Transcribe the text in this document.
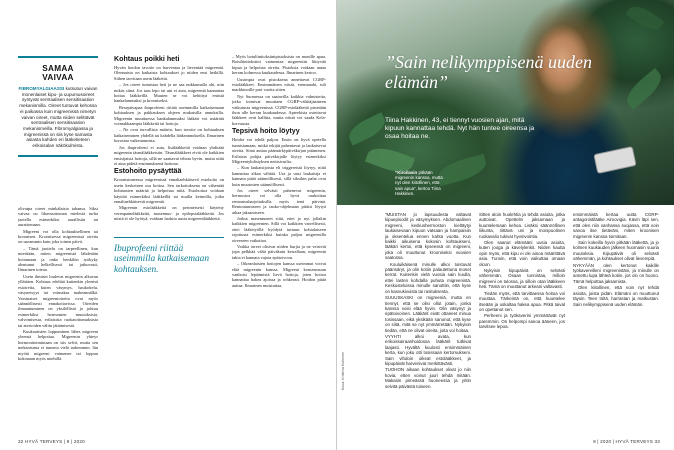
SAMAA
VAIVAA
FIBROMYALGIAASSI kutsutun vaivan monenlaiset kipu- ja uupumusoireet syntyvät sentraalisen sensitisaation mekanismilla. Oireet tuntuvat kehossa ei paikassa kuin migreenissä nimetyn vaivan oireet, mutta niiden selittävät sentraalisen sensitisaation mekanismeilla. Fibromyalgiassa ja migreenissä on siis kyse samasta asiasta kahden eri lääketieteen erikoisalan näkökulmista.

olivatpa oireet minkälaisia tahansa. Siksi vaivaa on lihavuuttoman mielestä turha jaotella esimerkiksi aurallisiin tai aurattomaan.

Migreeni voi olla kohtauksellinen tai kroonisen. Kroonisessa migreenissä oireita on useammin kuin joka toinen päivä.

– Tämä jaottelu on tarpeellinen, kun mietitään, miten migreenistä lähdetään hoitamaan ja onko henkilön työkyky alentunut helkellisesti tai jatkuvasti, Ilmarinen toteaa.

Usein ihmiset luulevat migreenin alkavan yllättäen. Kohtaus edeltää kuitenkin yleensä esioireita, kuten väsymys, haukottelu, väsyneisyys tai voimakas makeannälkä. Varsinaiset migreenioireita ovat myös säännöllisesti ennakoitavissa. Oireiden ilmaantuminen on yksilöllistä ja johtuu esimerkiksi hormonien muutoksista, valvomisesta, erilaisista ruokatottumuksista tai aterioiden väliin jättämisestä.

Kuukautisten loppuminen lähes migreeni yleensä helpottaa. Migreenin yhteys hormonitoimintaan on siis selvä, mutta sen mekanismia ei tunneta vielä tarkemmin. Iän myötä migreeni vaimenee tai loppuu kokonaan myös miehillä.

Kohtaus poikki heti

Hyvän hoidon tavoite on harventaa ja lieventää migreeniä. Olennaista on katkaista kohtaukset jo niiden ensi hetkillä. Siihen tarvitaan usein lääkettä.

– Jos oireet tunnistaa heti ja ne saa nukkumalla ohi, niin mikäs siinä. Jos taas lepo tai uni ei auta, migreeniä kannattaa hoitaa lääkkeillä. Muuten se voi kehittyä entistä hankalammaksi ja krooniseksi.

Reseptivapaa ibuprofeeni riittää useimmilla katkaisemaan kohtauksen ja pakkauksen ohjeen mukaisilla annoksilla. Migreenin muuttuessa hankalammaksi lääkäri voi määrätä voimakkaampia lääkkeitä tai hoitoja.

– Ne ovat turvallisia määrin, kun tavoite on kohtauksen katkaiseminen yhdellä tai kahdella lääkeannoksella. Ilmarinen korostaa vaikeutumista.

Jos ibuprofeeni ei auta, lisälääkkeitä voidaan yhdistää migreenin täsmälääkkeisiin. Täsmälääkkeet eivät ole kaikkien ensisijaisia hoitoja, sillä ne saattavat tehota hyvin, mutta niitä ei aina pidetä ensimmäisenä hoitona.

Estohoito pysäyttää

Kroonistuneessa migreenissä ennaltaehkäisevä estohoito on usein keskeinen osa hoitoa. Sen tarkoituksena on vähentää kohtausten määrää ja helpottaa niitä. Estohoitoa voidaan käyttää esimerkiksi lääkkeillä tai muilla keinoilla, jotka ennaltaehkäisevät migreeniä.

Migreenin estolääkkeitä on perinteisesti käytetty verenpainelääkkeitä, masennus- ja epilepsialääkkeitä. Jos niistä ei ole hyötyä, voidaan harkita uusia migreenilääkkeitä.

Ibuprofeeni riittää useimmilla katkaisemaan kohtauksen.

– Myös botuliinitoksiinipistoksista on monille apua. Botuliinitoksiini vaimentaa migreeniin liittyvää kipua ja helpottaa oireita. Pistoksia voidaan antaa kerran kolmessa kuukaudessa. Ilmarinen kertoo.

Uusimpia ovat pistoksena annettavat CGRP-estolääkkeet. Ensimmäinen niistä, erenumabi, tuli markkinoille pari vuotta sitten.

Nyt Suomessa on saatavilla kaikkia valmisteita, jotka toimivat muuttaen CGRP-välittäjäaineen vaikutusta migreenissä. CGRP-estolääkettä pistetään ihon alle kerran kuukaudessa. Apteekista ostettavat lääkkeet ovat kalliita, mutta niistä voi saada Kela-korvausta.

Tepsivä hoito löytyy

Hoidot voi tehdä paljon. Ensin on hyvä opetella tunnistamaan, mitkä tekijät pahentavat ja laukaisevat oireita. Siinä auttaa päänsärkypäiväkirjan pitäminen. Erilaisia pohjia päiväkirjalle löytyy esimerkiksi Migreeniyhdistyksen nettisivuilta.

– Kun laukaisijoista eli triggereistä löytyy, niitä kannattaa alkaa välttää. Ura ja uusi laukaisija ei kannata pitää säännöllisesti, sillä siksikin palat ovat kuin muutosten säännöllisesti.

Jos oireet selvästi pahenevat migreenin, hermostoa voi olla hyvä rauhoittaa rentoutusharjoituksilla myös tenä päivinä. Rentoutumiseen ja tauko-ohjelmaan pitäisi löytyä aikaa jaksamiseen.

Jotkut masentuneet siitä, ettei jo nyt jollakin kaikkien migreenien. Sillä voi kaikkien varrellisesti, ettei lääketyöllä hyödytä tuttuun kohtalaiseen rajoitusta esimerkiksi kuinka paljon migreenilla oireeseen vaikuttaa.

Vaikka oireet olisivat niiden hurjia ja ne veisivät jopa pelkkää väliä päiväkuin kerrallaan, migreenin takia ei kannata vajota epätoivoon.

– Oikeanlaisten hoitojen kanssa useimmat voivat elää migreenin kanssa. Migreeni konsenssuun vanhoisi lepäämistä lievä hoitoja, joten hoitoa kannattaa hakea ajoissa ja rohkeasti. Hoidon pitää auttaa. Ilmarinen muistuttaa.

32 HYVÄ TERVEYS | 9 | 2020
”Sain nelikymppisenä uuden elämän”
Tiina Hakkinen, 43, ei tiennyt vuosien ajan, mitä kipuun kannattaa tehdä. Nyt hän tuntee oireensa ja osaa hoitaa ne.
”Kiroilasin pitkään migreenin kanssa, mutta nyt olen kiitollinen, että sain apua”, kertoo Tiina Hakkinen.
Kuva: Kristiina Kurkinen

”MUISTAN jo lapsuudesta valtavat kipuepisodit ja väsymyksen. Abdomaalinen migreeni, keskushermoston kieltäytyi laukaisevaan kipuun vatsaan ja hampaisiin ja oksentelua ennen kahta vuotta. Kun kaikki aikuisena kokosin kohtaukseni, lääkäri kertoi, että kyseessä on migreeni, joka oli muuttunut krooniseksi vuosien saatossa.

Kouluikäisenä minulle alkoi toistuvat päänsäryt, ja olin kotiin palautettuna monet kerrat. Kuitenkin vielä vuosia sain kuulla, ettei lasten kohdalla puhuta migreenistä. Keskusteluissa minulle sanottiin, että kyse on kasvukivuista tai rasituksesta.

SUUUSKASKI on migreeniä, mutta en tiennyt, että se olisi ollut jotain, jonka kanssa voisi elää hyvin. Olin väsynyt ja epätoivoinen. Lääkärit eivät ottaneet minua tosissaan, eikä yksikään sanonut, että kyse on siitä, mitä se nyt ymmärretään. Nykyisin tiedän, että ne olivat oireita, joita voi hoitaa.

VYYHTI alkoi avata, kun erikoissairaanhoidossa lääkärit tutkivat laajasti. Hyvältä kuulosti ensimmäinen kerta, kun joku otti tosissaan kertomukseni. Sain vihdoin oikeat estolääkkeet, ja kipupäivät harvenivat merkittävästi.

TUOHON aikaan kohtaukset olivat jo niin kovia, etten voinut juuri tehdä mitään. Makasin pimeässä huoneessa ja yritin selvitä päivästä toiseen.

Sitten aloin huolehtia ja tehdä asioita, jotka auttoivat. Opettelin jaksamaan ja kuuntelemaan kehoa. Lisäksi säännöllinen liikunta, riittävä uni ja monipuolinen ruokavalio tukivat hyvinvointia.

Olen saanut elämääni uusia asioita, kuten jooga ja kävelylenkit. Niiden kautta opin myös, että kipu ei ole ainoa määrittävä asia. Tunsin, että voin vaikuttaa omaan oloon.

Nykyisin kipupäiviä on selvästi vähemmän. Osaan tunnistaa, milloin migreeni on tulossa, ja silloin otan lääkkeen heti. Tämä on muuttanut arkeani valtavasti.

Tiedän myös, että tarvittaessa hoitoa voi muuttaa. Tärkeintä on, että kuuntelee itseään ja uskaltaa hakea apua. Pitkä taival on opettanut sen.

Perheeni ja työkaverini ymmärtävät nyt paremmin. On helpompi sanoa ääneen, jos tarvitsee lepoa.

ensimmäistä kertaa uutta CGRP-antagonistilääke Aimovigia. Kävin läpi sen, että olen niin vanhassa suojassa, että voin sanoa itse tietäväni, miten kroonisen migreenin kanssa toimitaan.

Sain kokeilla hyvin pitkään lääkettä, ja jo kolmen kuukauden jälkeen huomasin suuria muutoksia. Kipupäiviä oli selvästi vähemmän, ja kohtaukset olivat lievempiä.

NYKYÄÄN olen kertonut kaikille työkavereilleni migreenistäni, ja minulle on annettu lupa lähteä kotiin, jos olo on huono. Tämä helpottaa jaksamista.

Olen kiitollinen, että voin nyt tehdä asioita, joista pidän. Elämäni on muuttunut täysin. Teen töitä, harrastan ja matkustan. Sain nelikymppisenä uuden elämän.

9 | 2020 | HYVÄ TERVEYS 33
